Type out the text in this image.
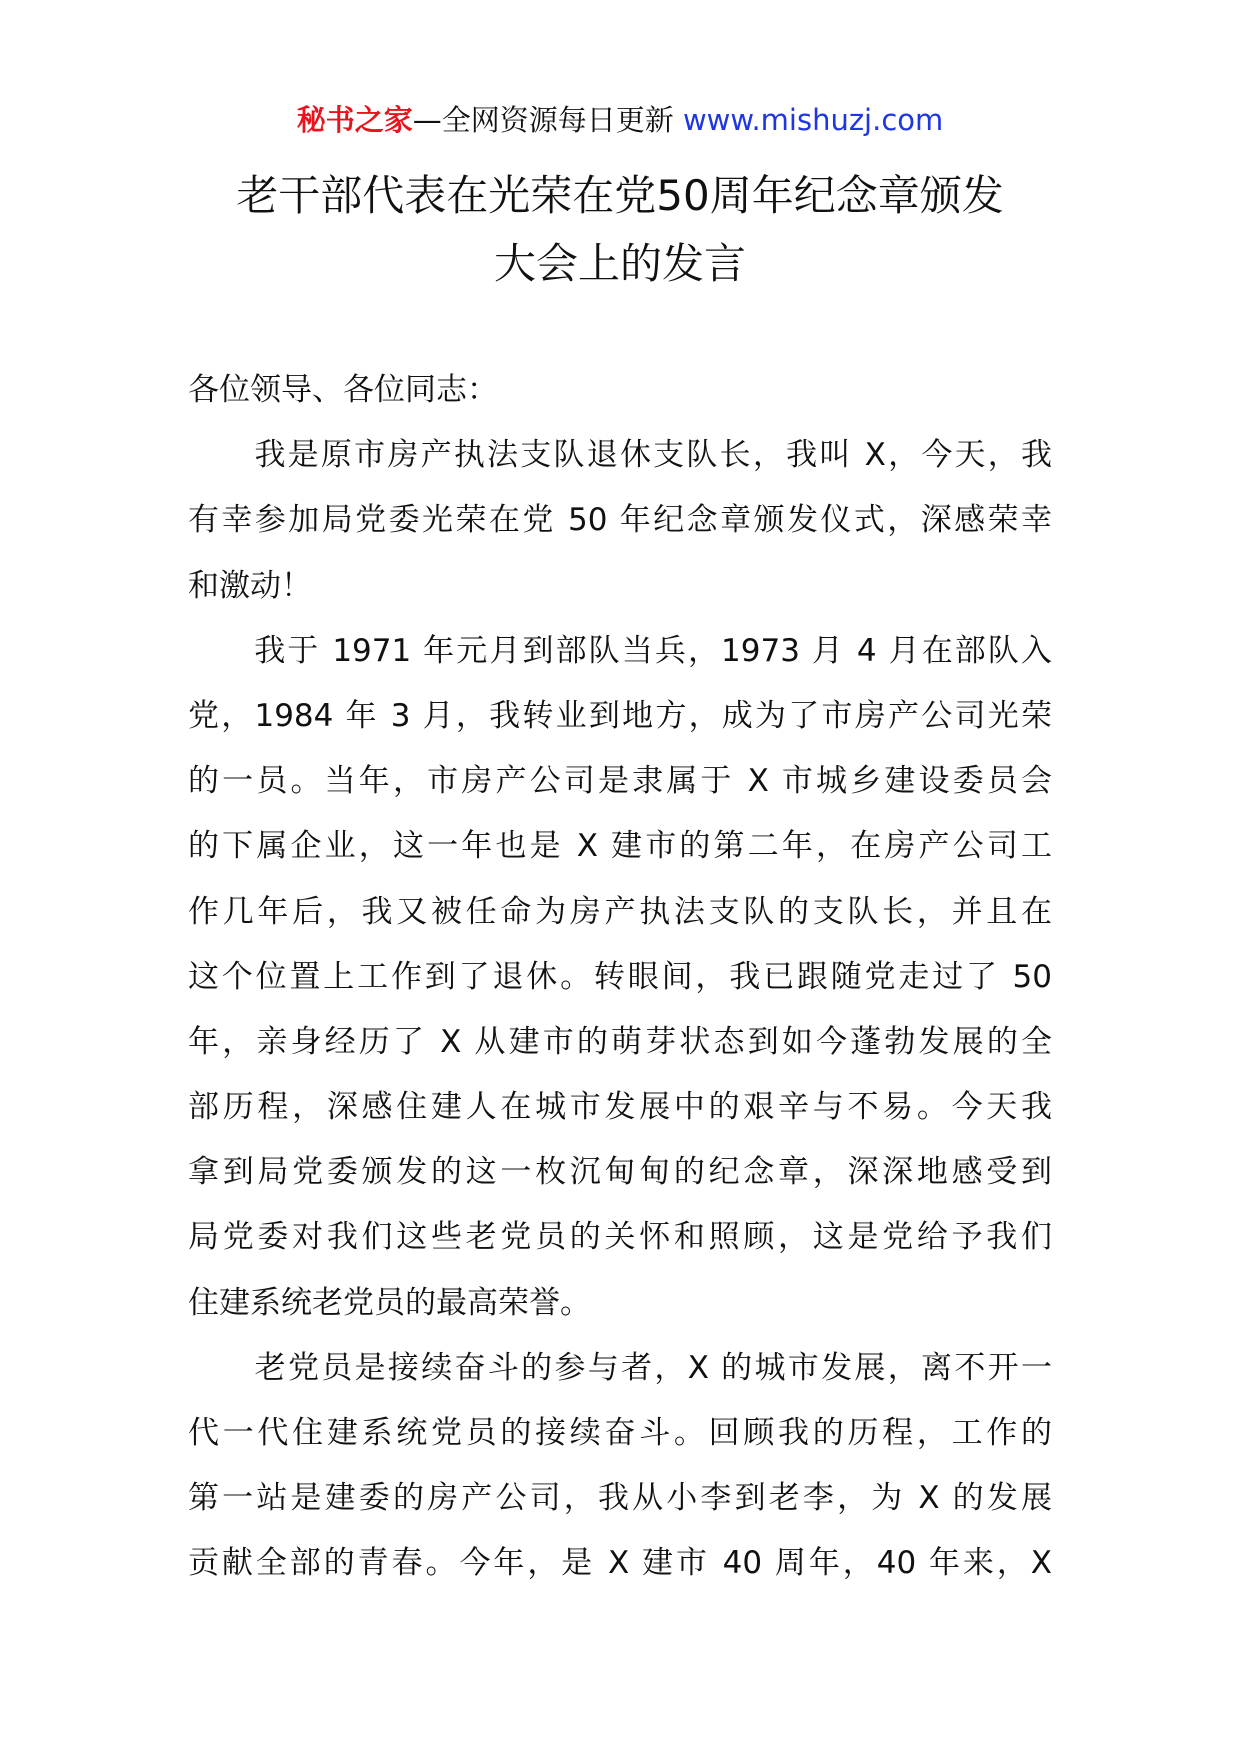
秘书之家—全网资源每日更新 www.mishuzj.com
老干部代表在光荣在党50周年纪念章颁发
大会上的发言
各位领导、各位同志：
　　我是原市房产执法支队退休支队长，我叫 X，今天，我
有幸参加局党委光荣在党 50 年纪念章颁发仪式，深感荣幸
和激动！
　　我于 1971 年元月到部队当兵，1973 月 4 月在部队入
党，1984 年 3 月，我转业到地方，成为了市房产公司光荣
的一员。当年，市房产公司是隶属于 X 市城乡建设委员会
的下属企业，这一年也是 X 建市的第二年，在房产公司工
作几年后，我又被任命为房产执法支队的支队长，并且在
这个位置上工作到了退休。转眼间，我已跟随党走过了 50
年，亲身经历了 X 从建市的萌芽状态到如今蓬勃发展的全
部历程，深感住建人在城市发展中的艰辛与不易。今天我
拿到局党委颁发的这一枚沉甸甸的纪念章，深深地感受到
局党委对我们这些老党员的关怀和照顾，这是党给予我们
住建系统老党员的最高荣誉。
　　老党员是接续奋斗的参与者，X 的城市发展，离不开一
代一代住建系统党员的接续奋斗。回顾我的历程，工作的
第一站是建委的房产公司，我从小李到老李，为 X 的发展
贡献全部的青春。今年，是 X 建市 40 周年，40 年来，X
